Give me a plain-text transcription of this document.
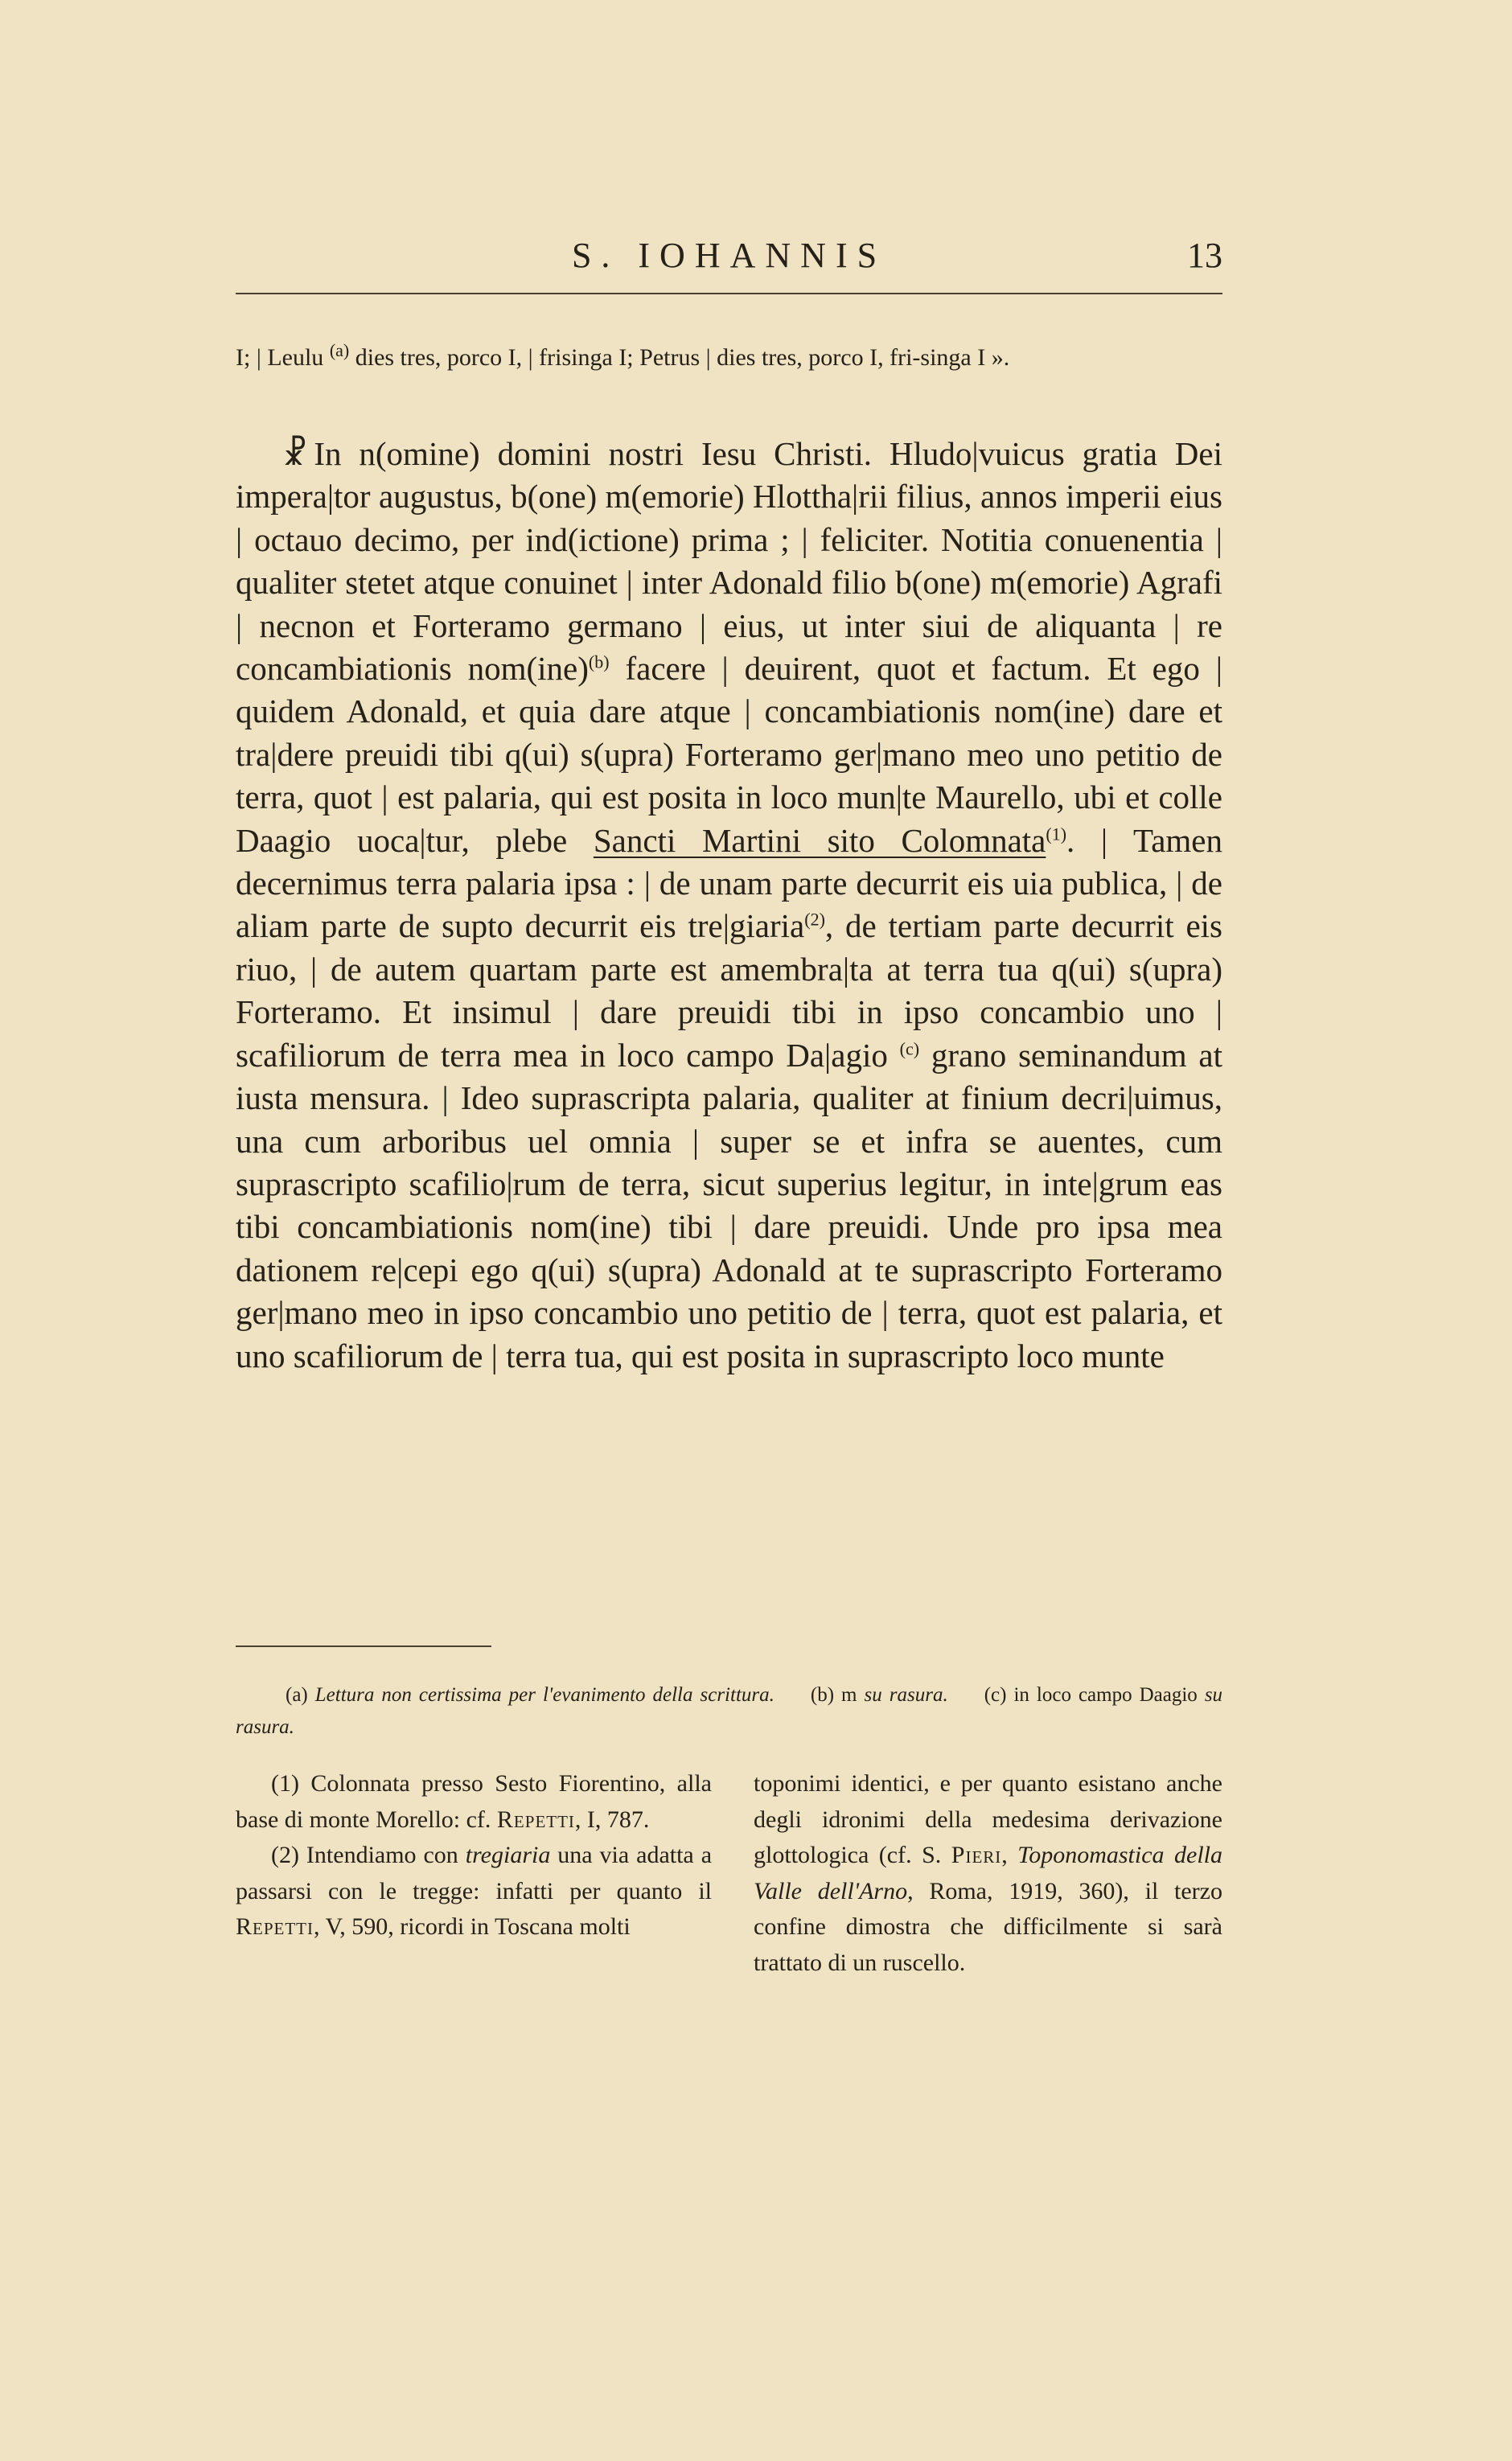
S. IOHANNIS	13
I; | Leulu $^{(a)}$ dies tres, porco I, | frisinga I; Petrus | dies tres, porco I, fri-singa I ».
☧ In n(omine) domini nostri Iesu Christi. Hludo|vuicus gratia Dei impera|tor augustus, b(one) m(emorie) Hlottha|rii filius, annos imperii eius | octauo decimo, per ind(ictione) prima ; | feliciter. Notitia conuenentia | qualiter stetet atque conuinet | inter Adonald filio b(one) m(emorie) Agrafi | necnon et Forteramo germano | eius, ut inter siui de aliquanta | re concambiationis nom(ine)$^{(b)}$ facere | deuirent, quot et factum. Et ego | quidem Adonald, et quia dare atque | concambiationis nom(ine) dare et tra|dere preuidi tibi q(ui) s(upra) Forteramo ger|mano meo uno petitio de terra, quot | est palaria, qui est posita in loco mun|te Maurello, ubi et colle Daagio uoca|tur, plebe Sancti Martini sito Colomnata$^{(1)}$. | Tamen decernimus terra palaria ipsa : | de unam parte decurrit eis uia publica, | de aliam parte de supto decurrit eis tre|giaria$^{(2)}$, de tertiam parte decurrit eis riuo, | de autem quartam parte est amembra|ta at terra tua q(ui) s(upra) Forteramo. Et insimul | dare preuidi tibi in ipso concambio uno | scafiliorum de terra mea in loco campo Da|agio $^{(c)}$ grano seminandum at iusta mensura. | Ideo suprascripta palaria, qualiter at finium decri|uimus, una cum arboribus uel omnia | super se et infra se auentes, cum suprascripto scafilio|rum de terra, sicut superius legitur, in inte|grum eas tibi concambiationis nom(ine) tibi | dare preuidi. Unde pro ipsa mea dationem re|cepi ego q(ui) s(upra) Adonald at te suprascripto Forteramo ger|mano meo in ipso concambio uno petitio de | terra, quot est palaria, et uno scafiliorum de | terra tua, qui est posita in suprascripto loco munte
(a) Lettura non certissima per l'evanimento della scrittura. (b) m su rasura. (c) in loco campo Daagio su rasura.

(1) Colonnata presso Sesto Fiorentino, alla base di monte Morello: cf. Repetti, I, 787.

(2) Intendiamo con tregiaria una via adatta a passarsi con le tregge: infatti per quanto il Repetti, V, 590, ricordi in Toscana molti

toponimi identici, e per quanto esistano anche degli idronimi della medesima derivazione glottologica (cf. S. Pieri, Toponomastica della Valle dell'Arno, Roma, 1919, 360), il terzo confine dimostra che difficilmente si sarà trattato di un ruscello.
